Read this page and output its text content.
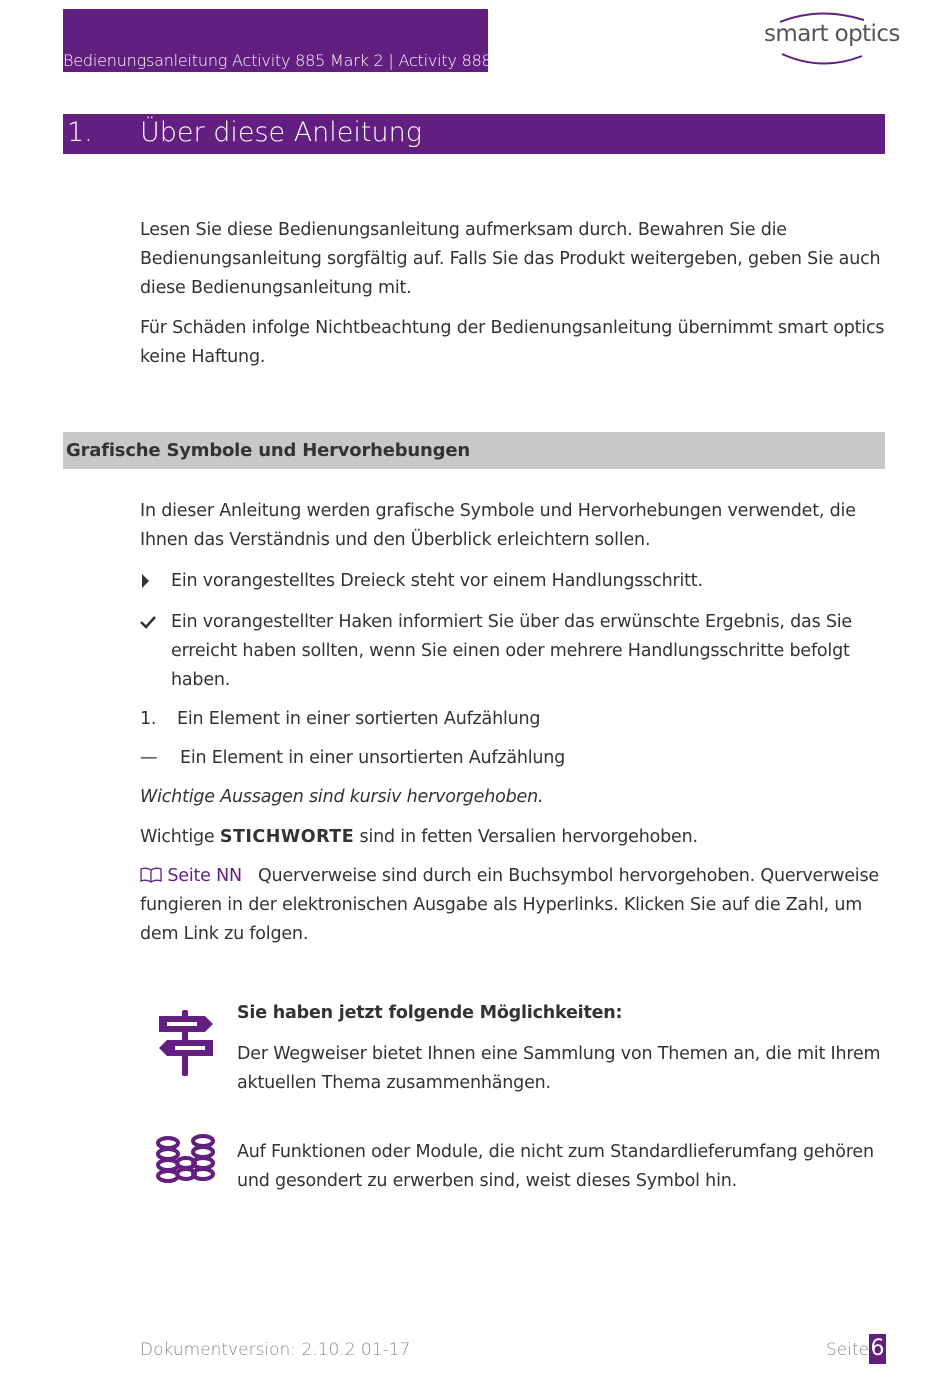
Bedienungsanleitung Activity 885 Mark 2 | Activity 888
smart optics
1. Über diese Anleitung
Lesen Sie diese Bedienungsanleitung aufmerksam durch. Bewahren Sie die Bedienungsanleitung sorgfältig auf. Falls Sie das Produkt weitergeben, geben Sie auch diese Bedienungsanleitung mit.
Für Schäden infolge Nichtbeachtung der Bedienungsanleitung übernimmt smart optics keine Haftung.
Grafische Symbole und Hervorhebungen
In dieser Anleitung werden grafische Symbole und Hervorhebungen verwendet, die Ihnen das Verständnis und den Überblick erleichtern sollen.
Ein vorangestelltes Dreieck steht vor einem Handlungsschritt.
Ein vorangestellter Haken informiert Sie über das erwünschte Ergebnis, das Sie erreicht haben sollten, wenn Sie einen oder mehrere Handlungsschritte befolgt haben.
1. Ein Element in einer sortierten Aufzählung
— Ein Element in einer unsortierten Aufzählung
Wichtige Aussagen sind kursiv hervorgehoben.
Wichtige STICHWORTE sind in fetten Versalien hervorgehoben.
Seite NN Querverweise sind durch ein Buchsymbol hervorgehoben. Querverweise fungieren in der elektronischen Ausgabe als Hyperlinks. Klicken Sie auf die Zahl, um dem Link zu folgen.
Sie haben jetzt folgende Möglichkeiten:
Der Wegweiser bietet Ihnen eine Sammlung von Themen an, die mit Ihrem aktuellen Thema zusammenhängen.
Auf Funktionen oder Module, die nicht zum Standardlieferumfang gehören und gesondert zu erwerben sind, weist dieses Symbol hin.
Dokumentversion: 2.10.2 01-17	Seite 6
